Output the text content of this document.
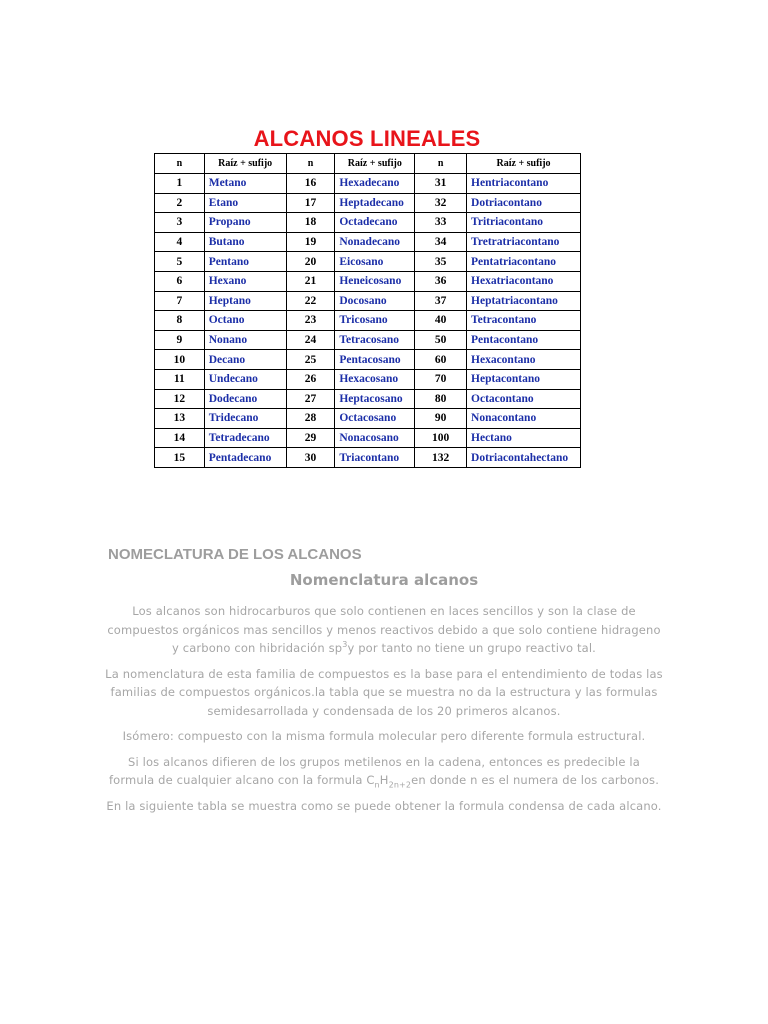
ALCANOS LINEALES
n	Raíz + sufijo	n	Raíz + sufijo	n	Raíz + sufijo
1	Metano	16	Hexadecano	31	Hentriacontano
2	Etano	17	Heptadecano	32	Dotriacontano
3	Propano	18	Octadecano	33	Tritriacontano
4	Butano	19	Nonadecano	34	Tretratriacontano
5	Pentano	20	Eicosano	35	Pentatriacontano
6	Hexano	21	Heneicosano	36	Hexatriacontano
7	Heptano	22	Docosano	37	Heptatriacontano
8	Octano	23	Tricosano	40	Tetracontano
9	Nonano	24	Tetracosano	50	Pentacontano
10	Decano	25	Pentacosano	60	Hexacontano
11	Undecano	26	Hexacosano	70	Heptacontano
12	Dodecano	27	Heptacosano	80	Octacontano
13	Tridecano	28	Octacosano	90	Nonacontano
14	Tetradecano	29	Nonacosano	100	Hectano
15	Pentadecano	30	Triacontano	132	Dotriacontahectano
NOMECLATURA DE LOS ALCANOS
Nomenclatura alcanos

Los alcanos son hidrocarburos que solo contienen en laces sencillos y son la clase de compuestos orgánicos mas sencillos y menos reactivos debido a que solo contiene hidrageno y carbono con hibridación $sp^3y$ por tanto no tiene un grupo reactivo tal.

La nomenclatura de esta familia de compuestos es la base para el entendimiento de todas las familias de compuestos orgánicos.la tabla que se muestra no da la estructura y las formulas semidesarrollada y condensada de los 20 primeros alcanos.

Isómero: compuesto con la misma formula molecular pero diferente formula estructural.

Si los alcanos difieren de los grupos metilenos en la cadena, entonces es predecible la formula de cualquier alcano con la formula $C_nH_{2n+2}en$ donde n es el numera de los carbonos.

En la siguiente tabla se muestra como se puede obtener la formula condensa de cada alcano.
